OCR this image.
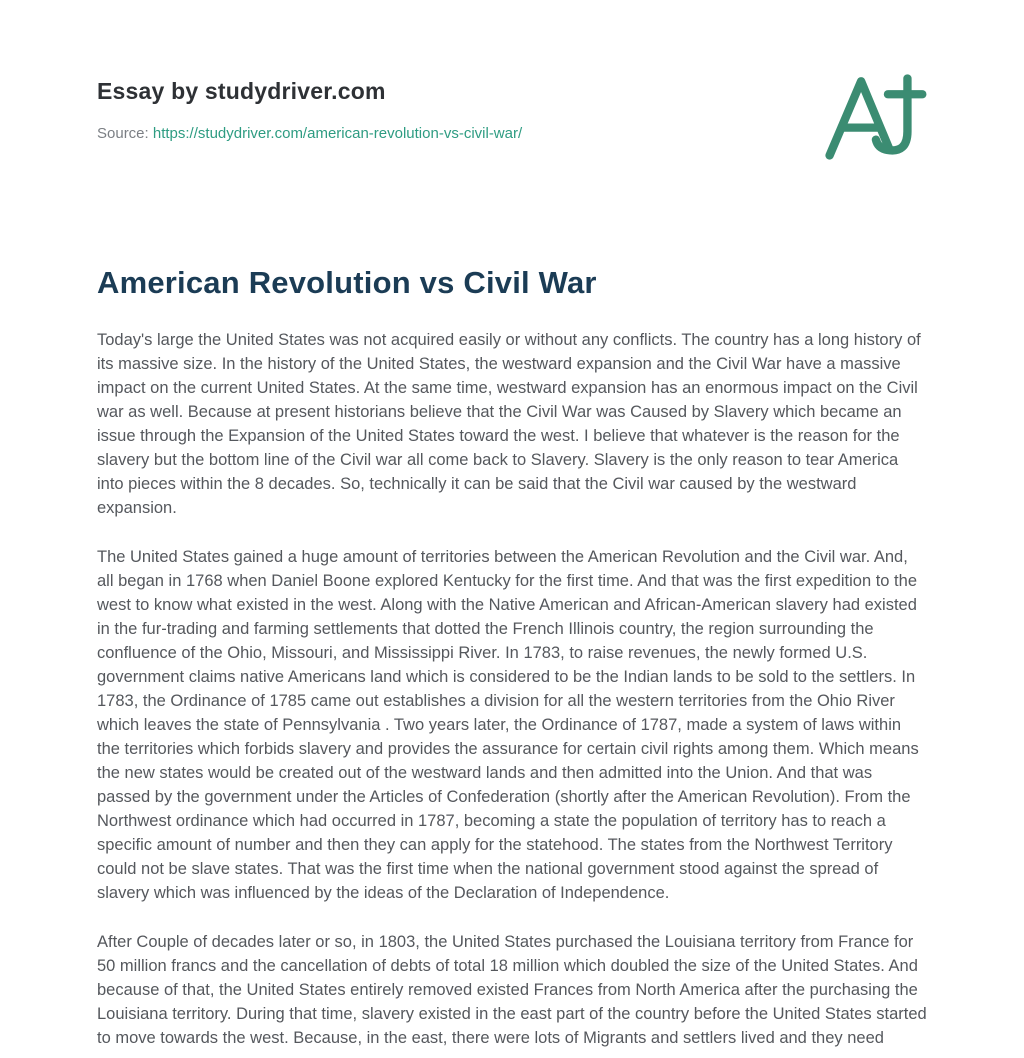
Essay by studydriver.com

Source: https://studydriver.com/american-revolution-vs-civil-war/

American Revolution vs Civil War

Today's large the United States was not acquired easily or without any conflicts. The country has a long history of its massive size. In the history of the United States, the westward expansion and the Civil War have a massive impact on the current United States. At the same time, westward expansion has an enormous impact on the Civil war as well. Because at present historians believe that the Civil War was Caused by Slavery which became an issue through the Expansion of the United States toward the west. I believe that whatever is the reason for the slavery but the bottom line of the Civil war all come back to Slavery. Slavery is the only reason to tear America into pieces within the 8 decades. So, technically it can be said that the Civil war caused by the westward expansion.

The United States gained a huge amount of territories between the American Revolution and the Civil war. And, all began in 1768 when Daniel Boone explored Kentucky for the first time. And that was the first expedition to the west to know what existed in the west. Along with the Native American and African-American slavery had existed in the fur-trading and farming settlements that dotted the French Illinois country, the region surrounding the confluence of the Ohio, Missouri, and Mississippi River. In 1783, to raise revenues, the newly formed U.S. government claims native Americans land which is considered to be the Indian lands to be sold to the settlers. In 1783, the Ordinance of 1785 came out establishes a division for all the western territories from the Ohio River which leaves the state of Pennsylvania . Two years later, the Ordinance of 1787, made a system of laws within the territories which forbids slavery and provides the assurance for certain civil rights among them. Which means the new states would be created out of the westward lands and then admitted into the Union. And that was passed by the government under the Articles of Confederation (shortly after the American Revolution). From the Northwest ordinance which had occurred in 1787, becoming a state the population of territory has to reach a specific amount of number and then they can apply for the statehood. The states from the Northwest Territory could not be slave states. That was the first time when the national government stood against the spread of slavery which was influenced by the ideas of the Declaration of Independence.

After Couple of decades later or so, in 1803, the United States purchased the Louisiana territory from France for 50 million francs and the cancellation of debts of total 18 million which doubled the size of the United States. And because of that, the United States entirely removed existed Frances from North America after the purchasing the Louisiana territory. During that time, slavery existed in the east part of the country before the United States started to move towards the west. Because, in the east, there were lots of Migrants and settlers lived and they need
